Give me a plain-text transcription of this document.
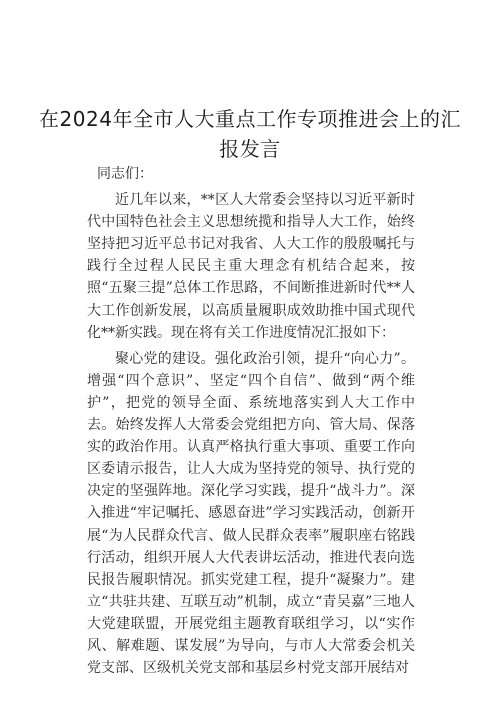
在2024年全市人大重点工作专项推进会上的汇
报发言
同志们：

近几年以来，**区人大常委会坚持以习近平新时代中国特色社会主义思想统揽和指导人大工作，始终坚持把习近平总书记对我省、人大工作的殷殷嘱托与践行全过程人民民主重大理念有机结合起来，按照“五聚三提”总体工作思路，不间断推进新时代**人大工作创新发展，以高质量履职成效助推中国式现代化**新实践。现在将有关工作进度情况汇报如下：

聚心党的建设。强化政治引领，提升“向心力”。增强“四个意识”、坚定“四个自信”、做到“两个维护”，把党的领导全面、系统地落实到人大工作中去。始终发挥人大常委会党组把方向、管大局、保落实的政治作用。认真严格执行重大事项、重要工作向区委请示报告，让人大成为坚持党的领导、执行党的决定的坚强阵地。深化学习实践，提升“战斗力”。深入推进“牢记嘱托、感恩奋进”学习实践活动，创新开展“为人民群众代言、做人民群众表率”履职座右铭践行活动，组织开展人大代表讲坛活动，推进代表向选民报告履职情况。抓实党建工程，提升“凝聚力”。建立“共驻共建、互联互动”机制，成立“青吴嘉”三地人大党建联盟，开展党组主题教育联组学习，以“实作风、解难题、谋发展”为导向，与市人大常委会机关党支部、区级机关党支部和基层乡村党支部开展结对
